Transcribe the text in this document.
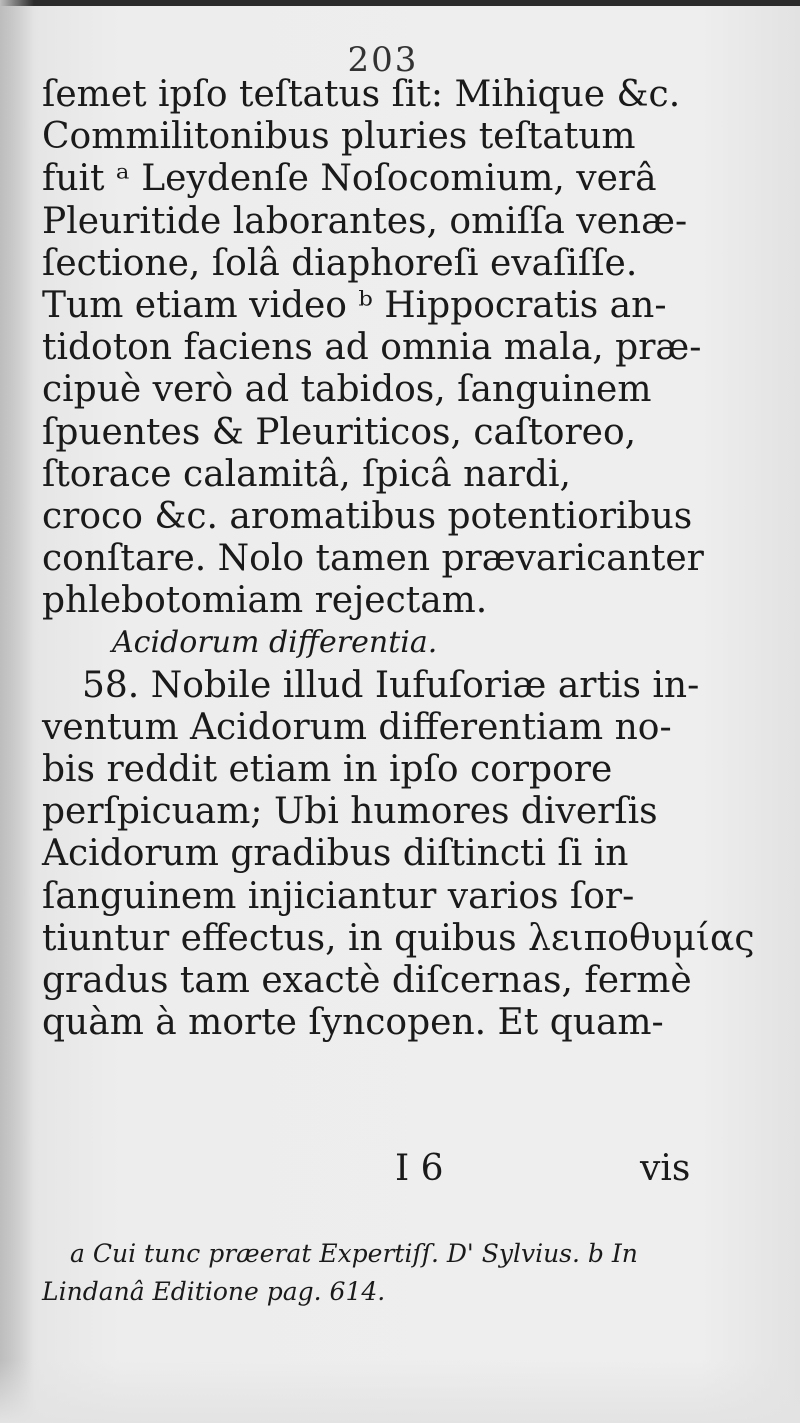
203
ſemet ipſo teſtatus ſit: Mihique &c.
Commilitonibus pluries teſtatum
fuit ᵃ Leydenſe Noſocomium, verâ
Pleuritide laborantes, omiſſa venæ-
ſectione, ſolâ diaphoreſi evaſiſſe.
Tum etiam video ᵇ Hippocratis an-
tidoton faciens ad omnia mala, præ-
cipuè verò ad tabidos, ſanguinem
ſpuentes & Pleuriticos, caſtoreo,
ſtorace calamitâ, ſpicâ nardi,
croco &c. aromatibus potentioribus
conſtare. Nolo tamen prævaricanter
phlebotomiam rejectam.
Acidorum differentia.
58. Nobile illud Iufuſoriæ artis in-
ventum Acidorum differentiam no-
bis reddit etiam in ipſo corpore
perſpicuam; Ubi humores diverſis
Acidorum gradibus diſtincti ſi in
ſanguinem injiciantur varios ſor-
tiuntur effectus, in quibus λειποθυμίας
gradus tam exactè diſcernas, fermè
quàm à morte ſyncopen. Et quam-
I 6	vis
a Cui tunc præerat Expertiſſ. D' Sylvius. b In
Lindanâ Editione pag. 614.
